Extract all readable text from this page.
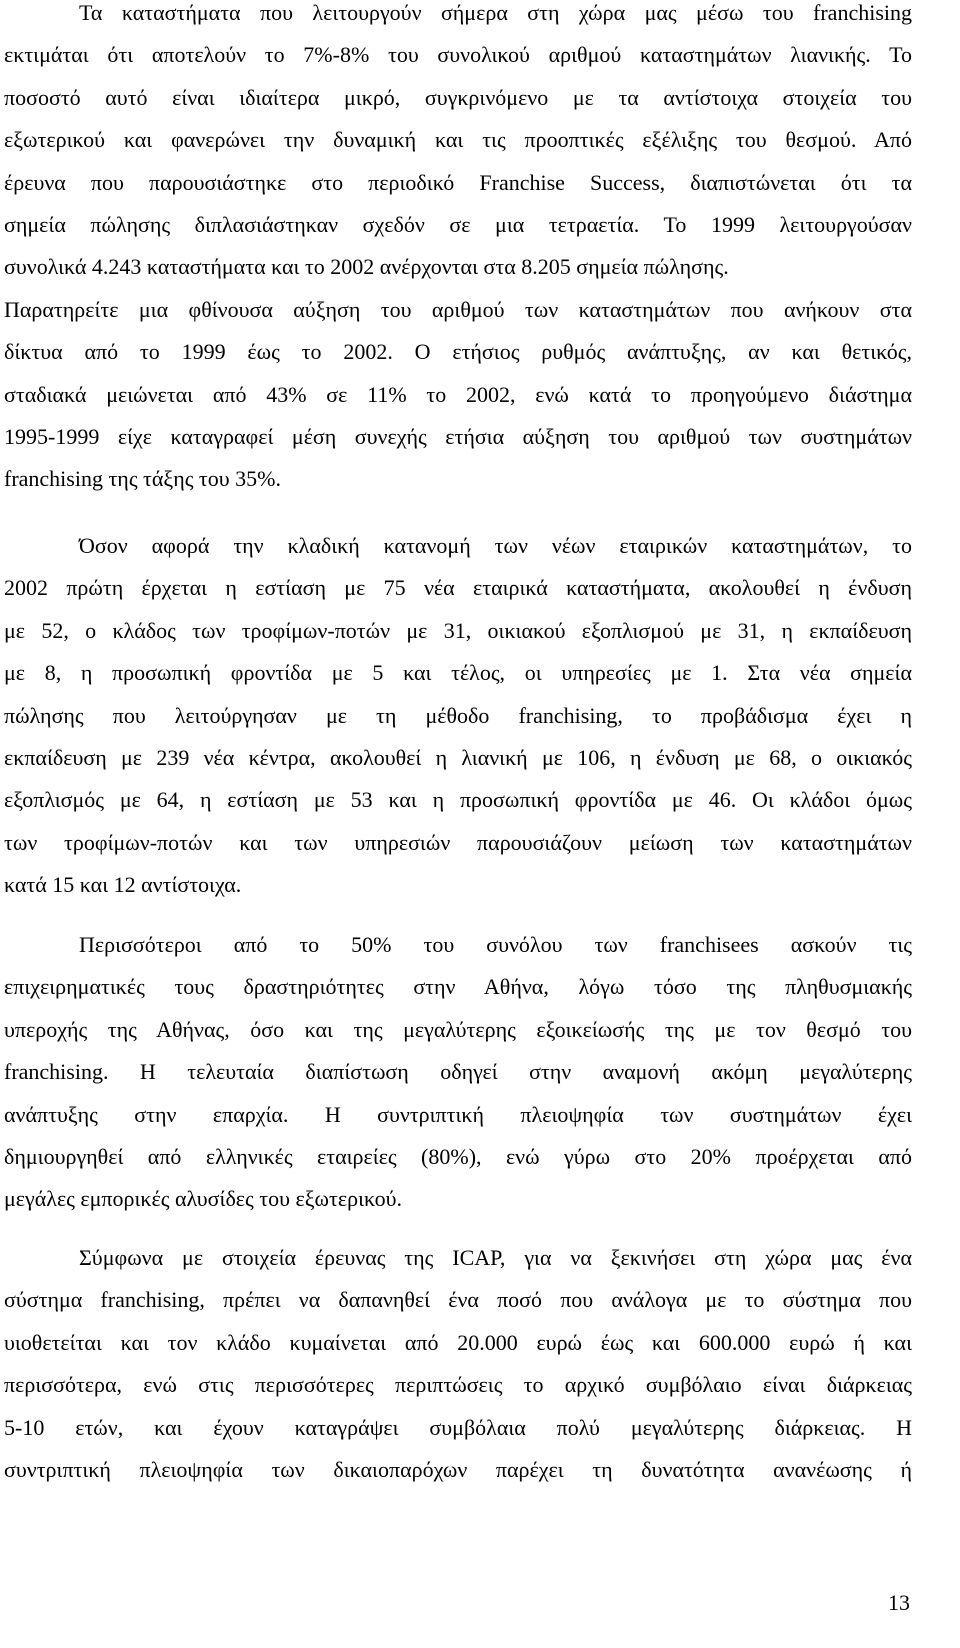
Τα καταστήματα που λειτουργούν σήμερα στη χώρα μας μέσω του franchising
εκτιμάται ότι αποτελούν το 7%-8% του συνολικού αριθμού καταστημάτων λιανικής. Το
ποσοστό αυτό είναι ιδιαίτερα μικρό, συγκρινόμενο με τα αντίστοιχα στοιχεία του
εξωτερικού και φανερώνει την δυναμική και τις προοπτικές εξέλιξης του θεσμού. Από
έρευνα που παρουσιάστηκε στο περιοδικό Franchise Success, διαπιστώνεται ότι τα
σημεία πώλησης διπλασιάστηκαν σχεδόν σε μια τετραετία. Το 1999 λειτουργούσαν
συνολικά 4.243 καταστήματα και το 2002 ανέρχονται στα 8.205 σημεία πώλησης.
Παρατηρείτε μια φθίνουσα αύξηση του αριθμού των καταστημάτων που ανήκουν στα
δίκτυα από το 1999 έως το 2002. Ο ετήσιος ρυθμός ανάπτυξης, αν και θετικός,
σταδιακά μειώνεται από 43% σε 11% το 2002, ενώ κατά το προηγούμενο διάστημα
1995-1999 είχε καταγραφεί μέση συνεχής ετήσια αύξηση του αριθμού των συστημάτων
franchising της τάξης του 35%.
Όσον αφορά την κλαδική κατανομή των νέων εταιρικών καταστημάτων, το
2002 πρώτη έρχεται η εστίαση με 75 νέα εταιρικά καταστήματα, ακολουθεί η ένδυση
με 52, ο κλάδος των τροφίμων-ποτών με 31, οικιακού εξοπλισμού με 31, η εκπαίδευση
με 8, η προσωπική φροντίδα με 5 και τέλος, οι υπηρεσίες με 1. Στα νέα σημεία
πώλησης που λειτούργησαν με τη μέθοδο franchising, το προβάδισμα έχει η
εκπαίδευση με 239 νέα κέντρα, ακολουθεί η λιανική με 106, η ένδυση με 68, ο οικιακός
εξοπλισμός με 64, η εστίαση με 53 και η προσωπική φροντίδα με 46. Οι κλάδοι όμως
των τροφίμων-ποτών και των υπηρεσιών παρουσιάζουν μείωση των καταστημάτων
κατά 15 και 12 αντίστοιχα.
Περισσότεροι από το 50% του συνόλου των franchisees ασκούν τις
επιχειρηματικές τους δραστηριότητες στην Αθήνα, λόγω τόσο της πληθυσμιακής
υπεροχής της Αθήνας, όσο και της μεγαλύτερης εξοικείωσής της με τον θεσμό του
franchising. Η τελευταία διαπίστωση οδηγεί στην αναμονή ακόμη μεγαλύτερης
ανάπτυξης στην επαρχία. Η συντριπτική πλειοψηφία των συστημάτων έχει
δημιουργηθεί από ελληνικές εταιρείες (80%), ενώ γύρω στο 20% προέρχεται από
μεγάλες εμπορικές αλυσίδες του εξωτερικού.
Σύμφωνα με στοιχεία έρευνας της ICAP, για να ξεκινήσει στη χώρα μας ένα
σύστημα franchising, πρέπει να δαπανηθεί ένα ποσό που ανάλογα με το σύστημα που
υιοθετείται και τον κλάδο κυμαίνεται από 20.000 ευρώ έως και 600.000 ευρώ ή και
περισσότερα, ενώ στις περισσότερες περιπτώσεις το αρχικό συμβόλαιο είναι διάρκειας
5-10 ετών, και έχουν καταγράψει συμβόλαια πολύ μεγαλύτερης διάρκειας. Η
συντριπτική πλειοψηφία των δικαιοπαρόχων παρέχει τη δυνατότητα ανανέωσης ή
13
